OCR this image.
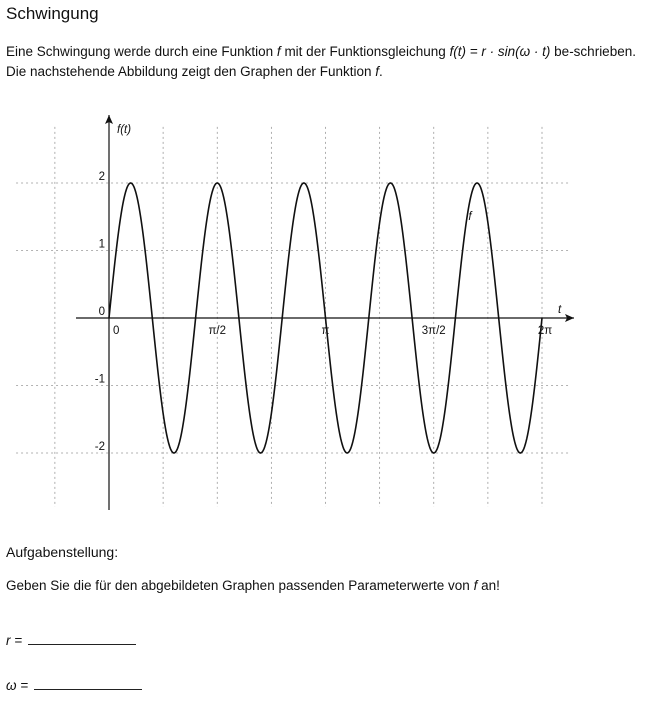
Schwingung

Eine Schwingung werde durch eine Funktion f mit der Funktionsgleichung f(t) = r · sin(ω · t) be-schrieben. Die nachstehende Abbildung zeigt den Graphen der Funktion f.

f(t)
t
2
1
0
-1
-2
0	π/2	π	3π/2	2π
f
Aufgabenstellung:

Geben Sie die für den abgebildeten Graphen passenden Parameterwerte von f an!

r =
ω =
